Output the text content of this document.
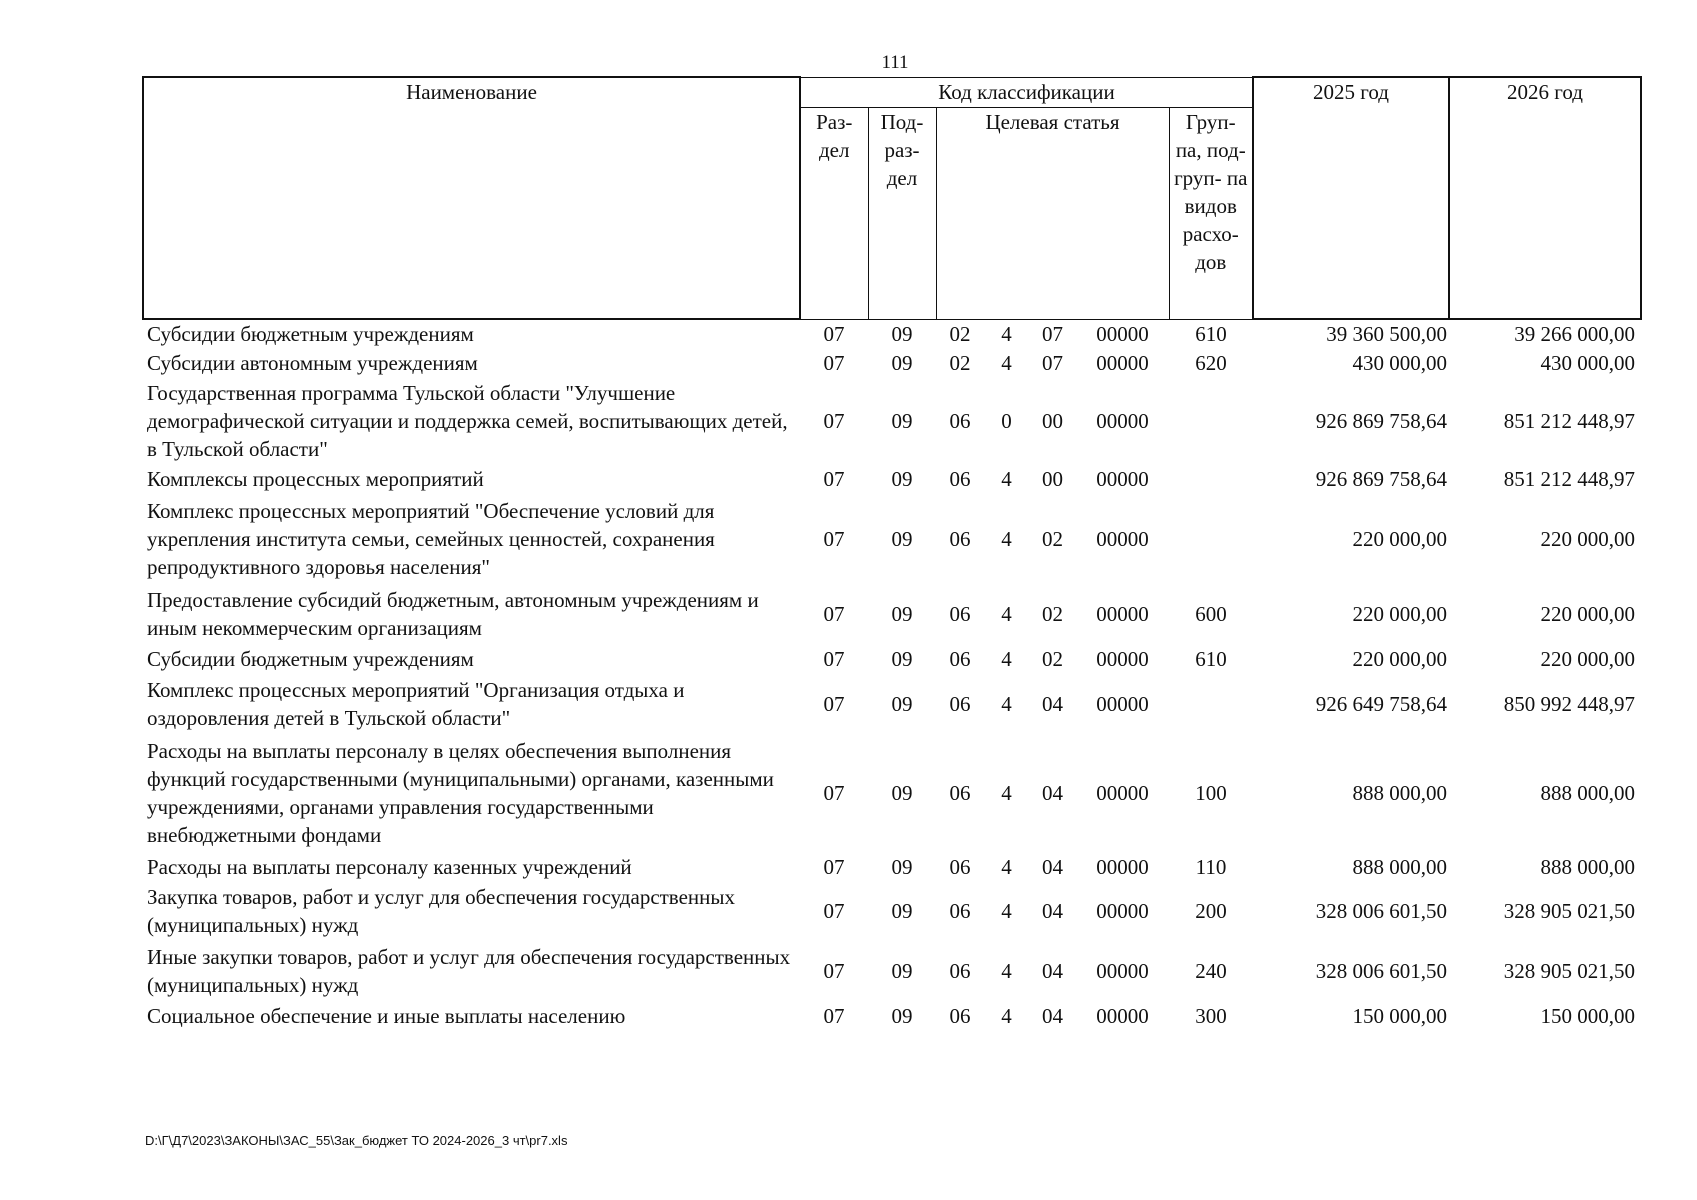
111
Наименование	Код классификации							2025 год	2026 год
	Раз- дел	Под- раз- дел	Целевая статья				Груп- па, под- груп- па видов расхо- дов		
Субсидии бюджетным учреждениям	07	09	02	4	07	00000	610	39 360 500,00	39 266 000,00
Субсидии автономным учреждениям	07	09	02	4	07	00000	620	430 000,00	430 000,00
Государственная программа Тульской области "Улучшение демографической ситуации и поддержка семей, воспитывающих детей, в Тульской области"	07	09	06	0	00	00000		926 869 758,64	851 212 448,97
Комплексы процессных мероприятий	07	09	06	4	00	00000		926 869 758,64	851 212 448,97
Комплекс процессных мероприятий "Обеспечение условий для укрепления института семьи, семейных ценностей, сохранения репродуктивного здоровья населения"	07	09	06	4	02	00000		220 000,00	220 000,00
Предоставление субсидий бюджетным, автономным учреждениям и иным некоммерческим организациям	07	09	06	4	02	00000	600	220 000,00	220 000,00
Субсидии бюджетным учреждениям	07	09	06	4	02	00000	610	220 000,00	220 000,00
Комплекс процессных мероприятий "Организация отдыха и оздоровления детей в Тульской области"	07	09	06	4	04	00000		926 649 758,64	850 992 448,97
Расходы на выплаты персоналу в целях обеспечения выполнения функций государственными (муниципальными) органами, казенными учреждениями, органами управления государственными внебюджетными фондами	07	09	06	4	04	00000	100	888 000,00	888 000,00
Расходы на выплаты персоналу казенных учреждений	07	09	06	4	04	00000	110	888 000,00	888 000,00
Закупка товаров, работ и услуг для обеспечения государственных (муниципальных) нужд	07	09	06	4	04	00000	200	328 006 601,50	328 905 021,50
Иные закупки товаров, работ и услуг для обеспечения государственных (муниципальных) нужд	07	09	06	4	04	00000	240	328 006 601,50	328 905 021,50
Социальное обеспечение и иные выплаты населению	07	09	06	4	04	00000	300	150 000,00	150 000,00
D:\Г\Д7\2023\ЗАКОНЫ\ЗАС_55\Зак_бюджет ТО 2024-2026_3 чт\pr7.xls
